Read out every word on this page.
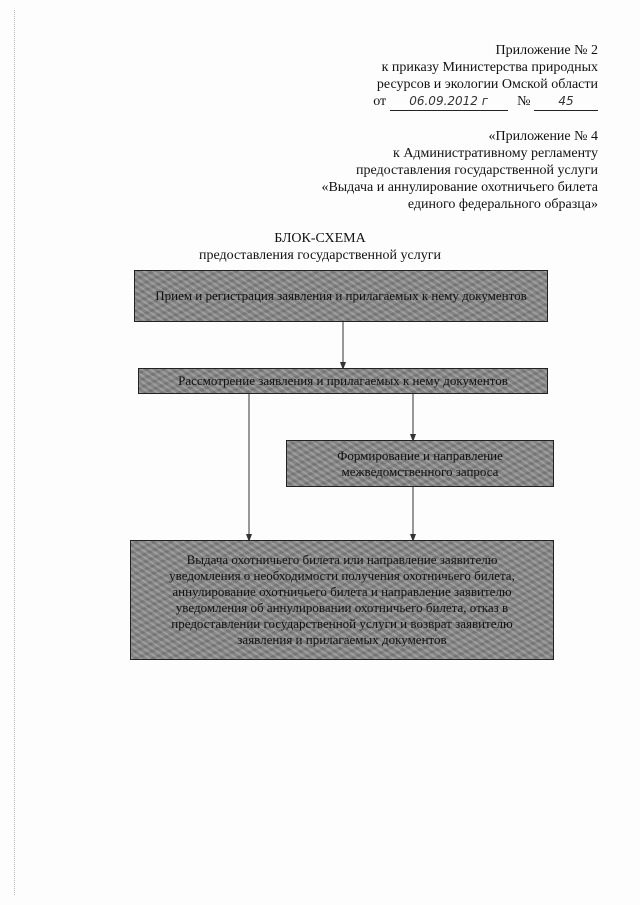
Приложение № 2
к приказу Министерства природных
ресурсов и экологии Омской области
от 06.09.2012 г № 45
«Приложение № 4
к Административному регламенту
предоставления государственной услуги
«Выдача и аннулирование охотничьего билета
единого федерального образца»
БЛОК-СХЕМА
предоставления государственной услуги
Прием и регистрация заявления и прилагаемых к нему документов
Рассмотрение заявления и прилагаемых к нему документов
Формирование и направление
межведомственного запроса
Выдача охотничьего билета или направление заявителю
уведомления о необходимости получения охотничьего билета,
аннулирование охотничьего билета и направление заявителю
уведомления об аннулировании охотничьего билета, отказ в
предоставлении государственной услуги и возврат заявителю
заявления и прилагаемых документов
